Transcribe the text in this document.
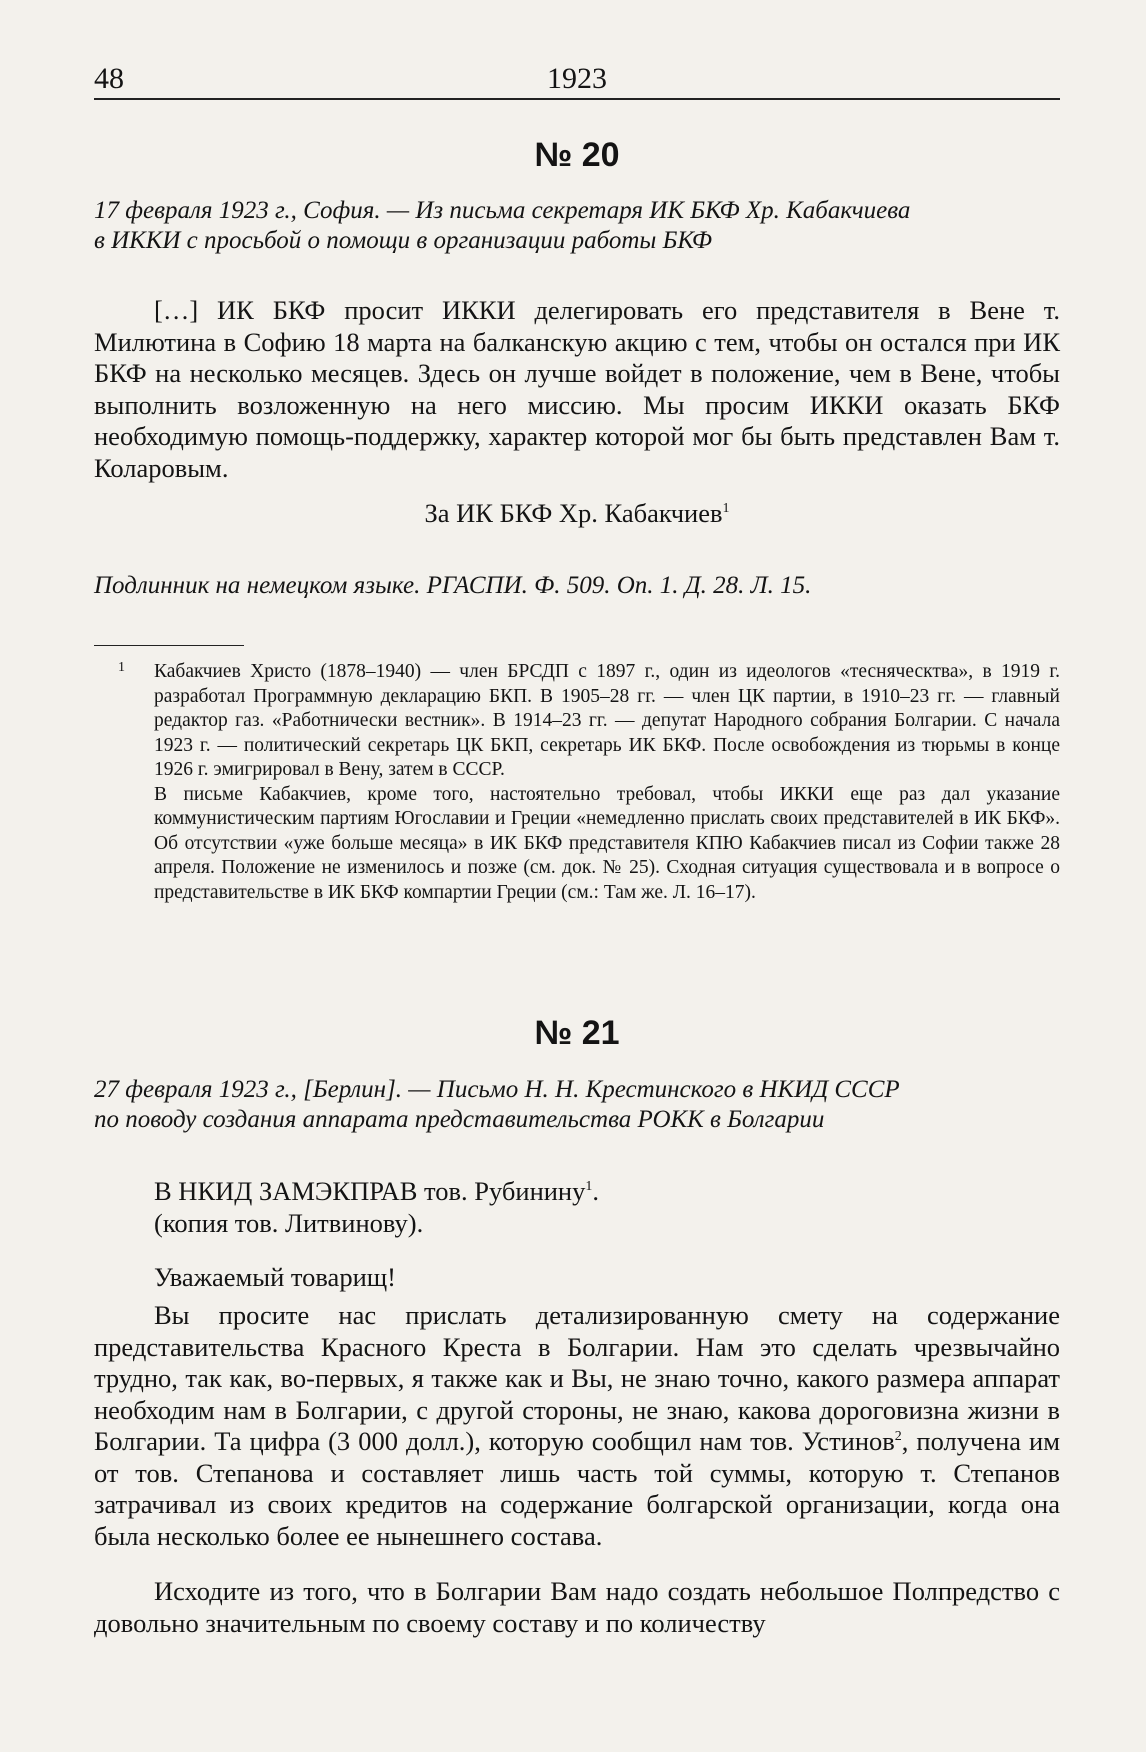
48	1923
№ 20
17 февраля 1923 г., София. — Из письма секретаря ИК БКФ Хр. Кабакчиева
в ИККИ с просьбой о помощи в организации работы БКФ

[…] ИК БКФ просит ИККИ делегировать его представителя в Вене т. Милютина в Софию 18 марта на балканскую акцию с тем, чтобы он остался при ИК БКФ на несколько месяцев. Здесь он лучше войдет в положение, чем в Вене, чтобы выполнить возложенную на него миссию. Мы просим ИККИ оказать БКФ необходимую помощь-поддержку, характер которой мог бы быть представлен Вам т. Коларовым.

За ИК БКФ Хр. Кабакчиев$^1$
Подлинник на немецком языке. РГАСПИ. Ф. 509. Оп. 1. Д. 28. Л. 15.
1	Кабакчиев Христо (1878–1940) — член БРСДП с 1897 г., один из идеологов «тесняческтва», в 1919 г. разработал Программную декларацию БКП. В 1905–28 гг. — член ЦК партии, в 1910–23 гг. — главный редактор газ. «Работнически вестник». В 1914–23 гг. — депутат Народного собрания Болгарии. С начала 1923 г. — политический секретарь ЦК БКП, секретарь ИК БКФ. После освобождения из тюрьмы в конце 1926 г. эмигрировал в Вену, затем в СССР.

В письме Кабакчиев, кроме того, настоятельно требовал, чтобы ИККИ еще раз дал указание коммунистическим партиям Югославии и Греции «немедленно прислать своих представителей в ИК БКФ». Об отсутствии «уже больше месяца» в ИК БКФ представителя КПЮ Кабакчиев писал из Софии также 28 апреля. Положение не изменилось и позже (см. док. № 25). Сходная ситуация существовала и в вопросе о представительстве в ИК БКФ компартии Греции (см.: Там же. Л. 16–17).

№ 21
27 февраля 1923 г., [Берлин]. — Письмо Н. Н. Крестинского в НКИД СССР
по поводу создания аппарата представительства РОКК в Болгарии
В НКИД ЗАМЭКПРАВ тов. Рубинину$^1$.
(копия тов. Литвинову).
Уважаемый товарищ!

Вы просите нас прислать детализированную смету на содержание представительства Красного Креста в Болгарии. Нам это сделать чрезвычайно трудно, так как, во-первых, я также как и Вы, не знаю точно, какого размера аппарат необходим нам в Болгарии, с другой стороны, не знаю, какова дороговизна жизни в Болгарии. Та цифра (3 000 долл.), которую сообщил нам тов. Устинов$^2$, получена им от тов. Степанова и составляет лишь часть той суммы, которую т. Степанов затрачивал из своих кредитов на содержание болгарской организации, когда она была несколько более ее нынешнего состава.

Исходите из того, что в Болгарии Вам надо создать небольшое Полпредство с довольно значительным по своему составу и по количеству
